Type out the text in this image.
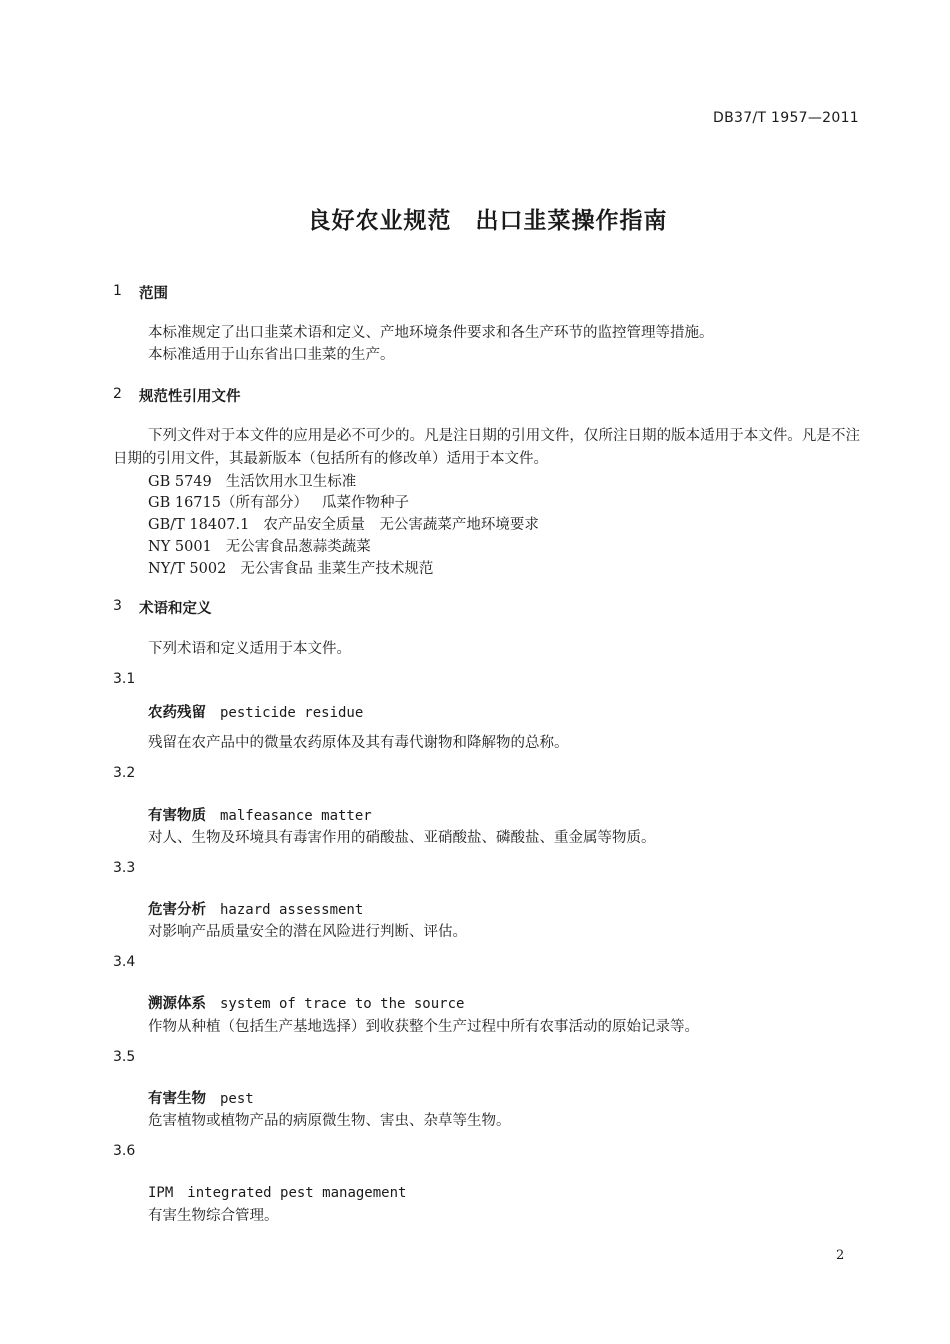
DB37/T 1957—2011
良好农业规范　出口韭菜操作指南
1 范围
本标准规定了出口韭菜术语和定义、产地环境条件要求和各生产环节的监控管理等措施。
本标准适用于山东省出口韭菜的生产。
2 规范性引用文件
下列文件对于本文件的应用是必不可少的。凡是注日期的引用文件，仅所注日期的版本适用于本文件。凡是不注日期的引用文件，其最新版本（包括所有的修改单）适用于本文件。
GB 5749 生活饮用水卫生标准
GB 16715（所有部分） 瓜菜作物种子
GB/T 18407.1 农产品安全质量　无公害蔬菜产地环境要求
NY 5001 无公害食品葱蒜类蔬菜
NY/T 5002 无公害食品 韭菜生产技术规范
3 术语和定义
下列术语和定义适用于本文件。
3.1
农药残留 pesticide residue
残留在农产品中的微量农药原体及其有毒代谢物和降解物的总称。
3.2
有害物质 malfeasance matter
对人、生物及环境具有毒害作用的硝酸盐、亚硝酸盐、磷酸盐、重金属等物质。
3.3
危害分析 hazard assessment
对影响产品质量安全的潜在风险进行判断、评估。
3.4
溯源体系 system of trace to the source
作物从种植（包括生产基地选择）到收获整个生产过程中所有农事活动的原始记录等。
3.5
有害生物 pest
危害植物或植物产品的病原微生物、害虫、杂草等生物。
3.6
IPM integrated pest management
有害生物综合管理。
2
